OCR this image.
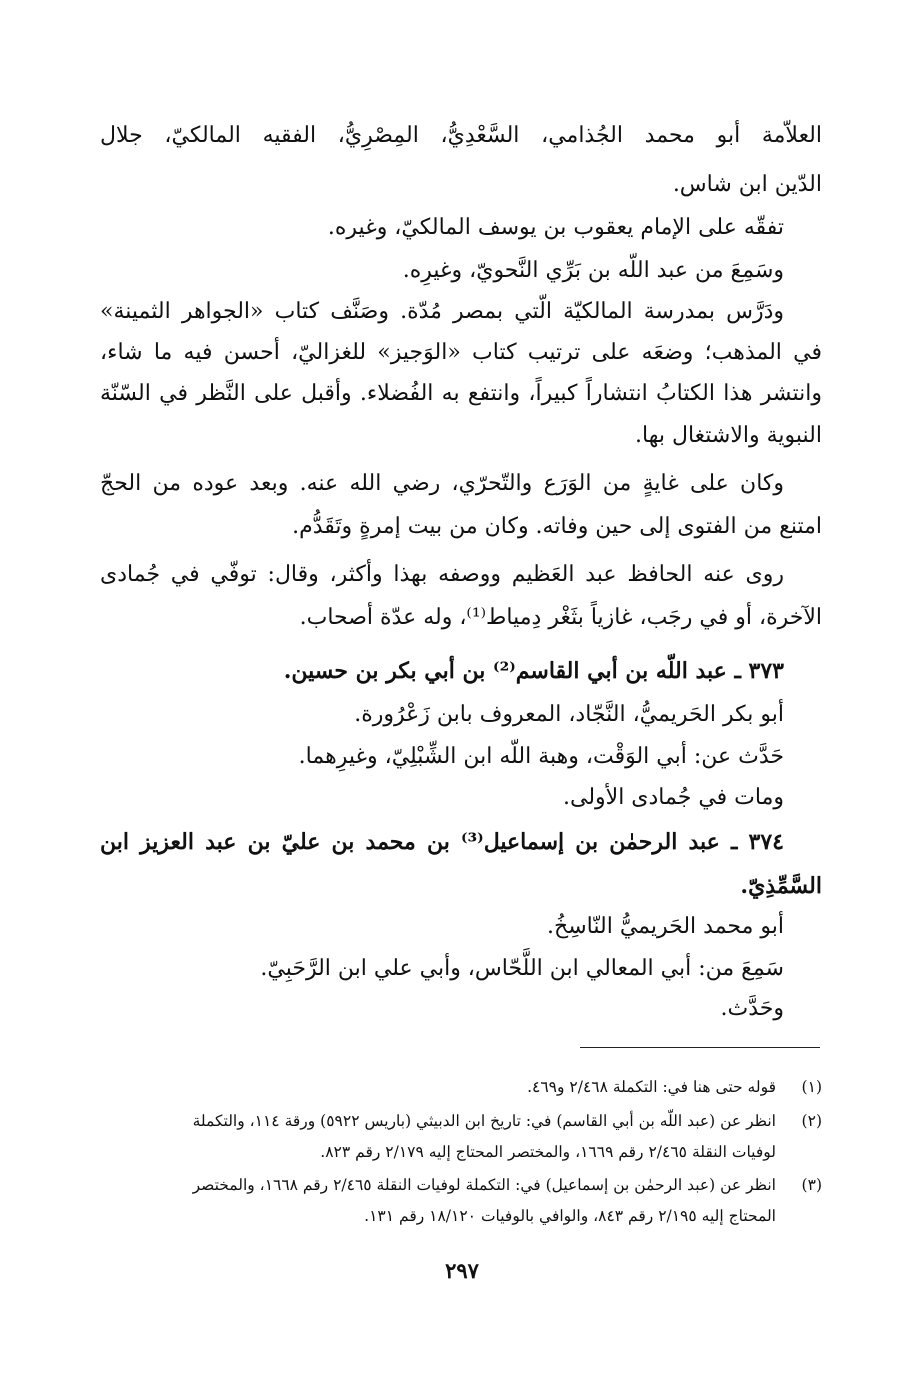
العلاّمة أبو محمد الجُذامي، السَّعْدِيُّ، المِصْرِيُّ، الفقيه المالكيّ، جلال
الدّين ابن شاس.
تفقّه على الإمام يعقوب بن يوسف المالكيّ، وغيره.
وسَمِعَ من عبد اللّه بن بَرِّي النَّحويّ، وغيرِه.
ودَرَّس بمدرسة المالكيّة الّتي بمصر مُدّة. وصَنَّف كتاب «الجواهر الثمينة»
في المذهب؛ وضعَه على ترتيب كتاب «الوَجيز» للغزاليّ، أحسن فيه ما شاء،
وانتشر هذا الكتابُ انتشاراً كبيراً، وانتفع به الفُضلاء. وأقبل على النَّظر في السّنّة
النبوية والاشتغال بها.
وكان على غايةٍ من الوَرَع والتّحرّي، رضي الله عنه. وبعد عوده من الحجّ
امتنع من الفتوى إلى حين وفاته. وكان من بيت إمرةٍ وتَقَدُّم.
روى عنه الحافظ عبد العَظيم ووصفه بهذا وأكثر، وقال: توفّي في جُمادى
الآخرة، أو في رجَب، غازياً بثَغْر دِمياط⁽¹⁾، وله عدّة أصحاب.
٣٧٣ ـ عبد اللّه بن أبي القاسم⁽²⁾ بن أبي بكر بن حسين.
أبو بكر الحَريميُّ، النَّجّاد، المعروف بابن زَعْرُورة.
حَدَّث عن: أبي الوَقْت، وهبة اللّه ابن الشِّبْلِيّ، وغيرِهما.
ومات في جُمادى الأولى.
٣٧٤ ـ عبد الرحمٰن بن إسماعيل⁽³⁾ بن محمد بن عليّ بن عبد العزيز ابن
السَّمِّذِيّ.
أبو محمد الحَريميُّ النّاسِخُ.
سَمِعَ من: أبي المعالي ابن اللَّحّاس، وأبي علي ابن الرَّحَبِيّ.
وحَدَّث.
(١)قوله حتى هنا في: التكملة ٢/٤٦٨ و٤٦٩.
(٢)انظر عن (عبد اللّه بن أبي القاسم) في: تاريخ ابن الدبيثي (باريس ٥٩٢٢) ورقة ١١٤، والتكملة
لوفيات النقلة ٢/٤٦٥ رقم ١٦٦٩، والمختصر المحتاج إليه ٢/١٧٩ رقم ٨٢٣.
(٣)انظر عن (عبد الرحمٰن بن إسماعيل) في: التكملة لوفيات النقلة ٢/٤٦٥ رقم ١٦٦٨، والمختصر
المحتاج إليه ٢/١٩٥ رقم ٨٤٣، والوافي بالوفيات ١٨/١٢٠ رقم ١٣١.
٢٩٧
